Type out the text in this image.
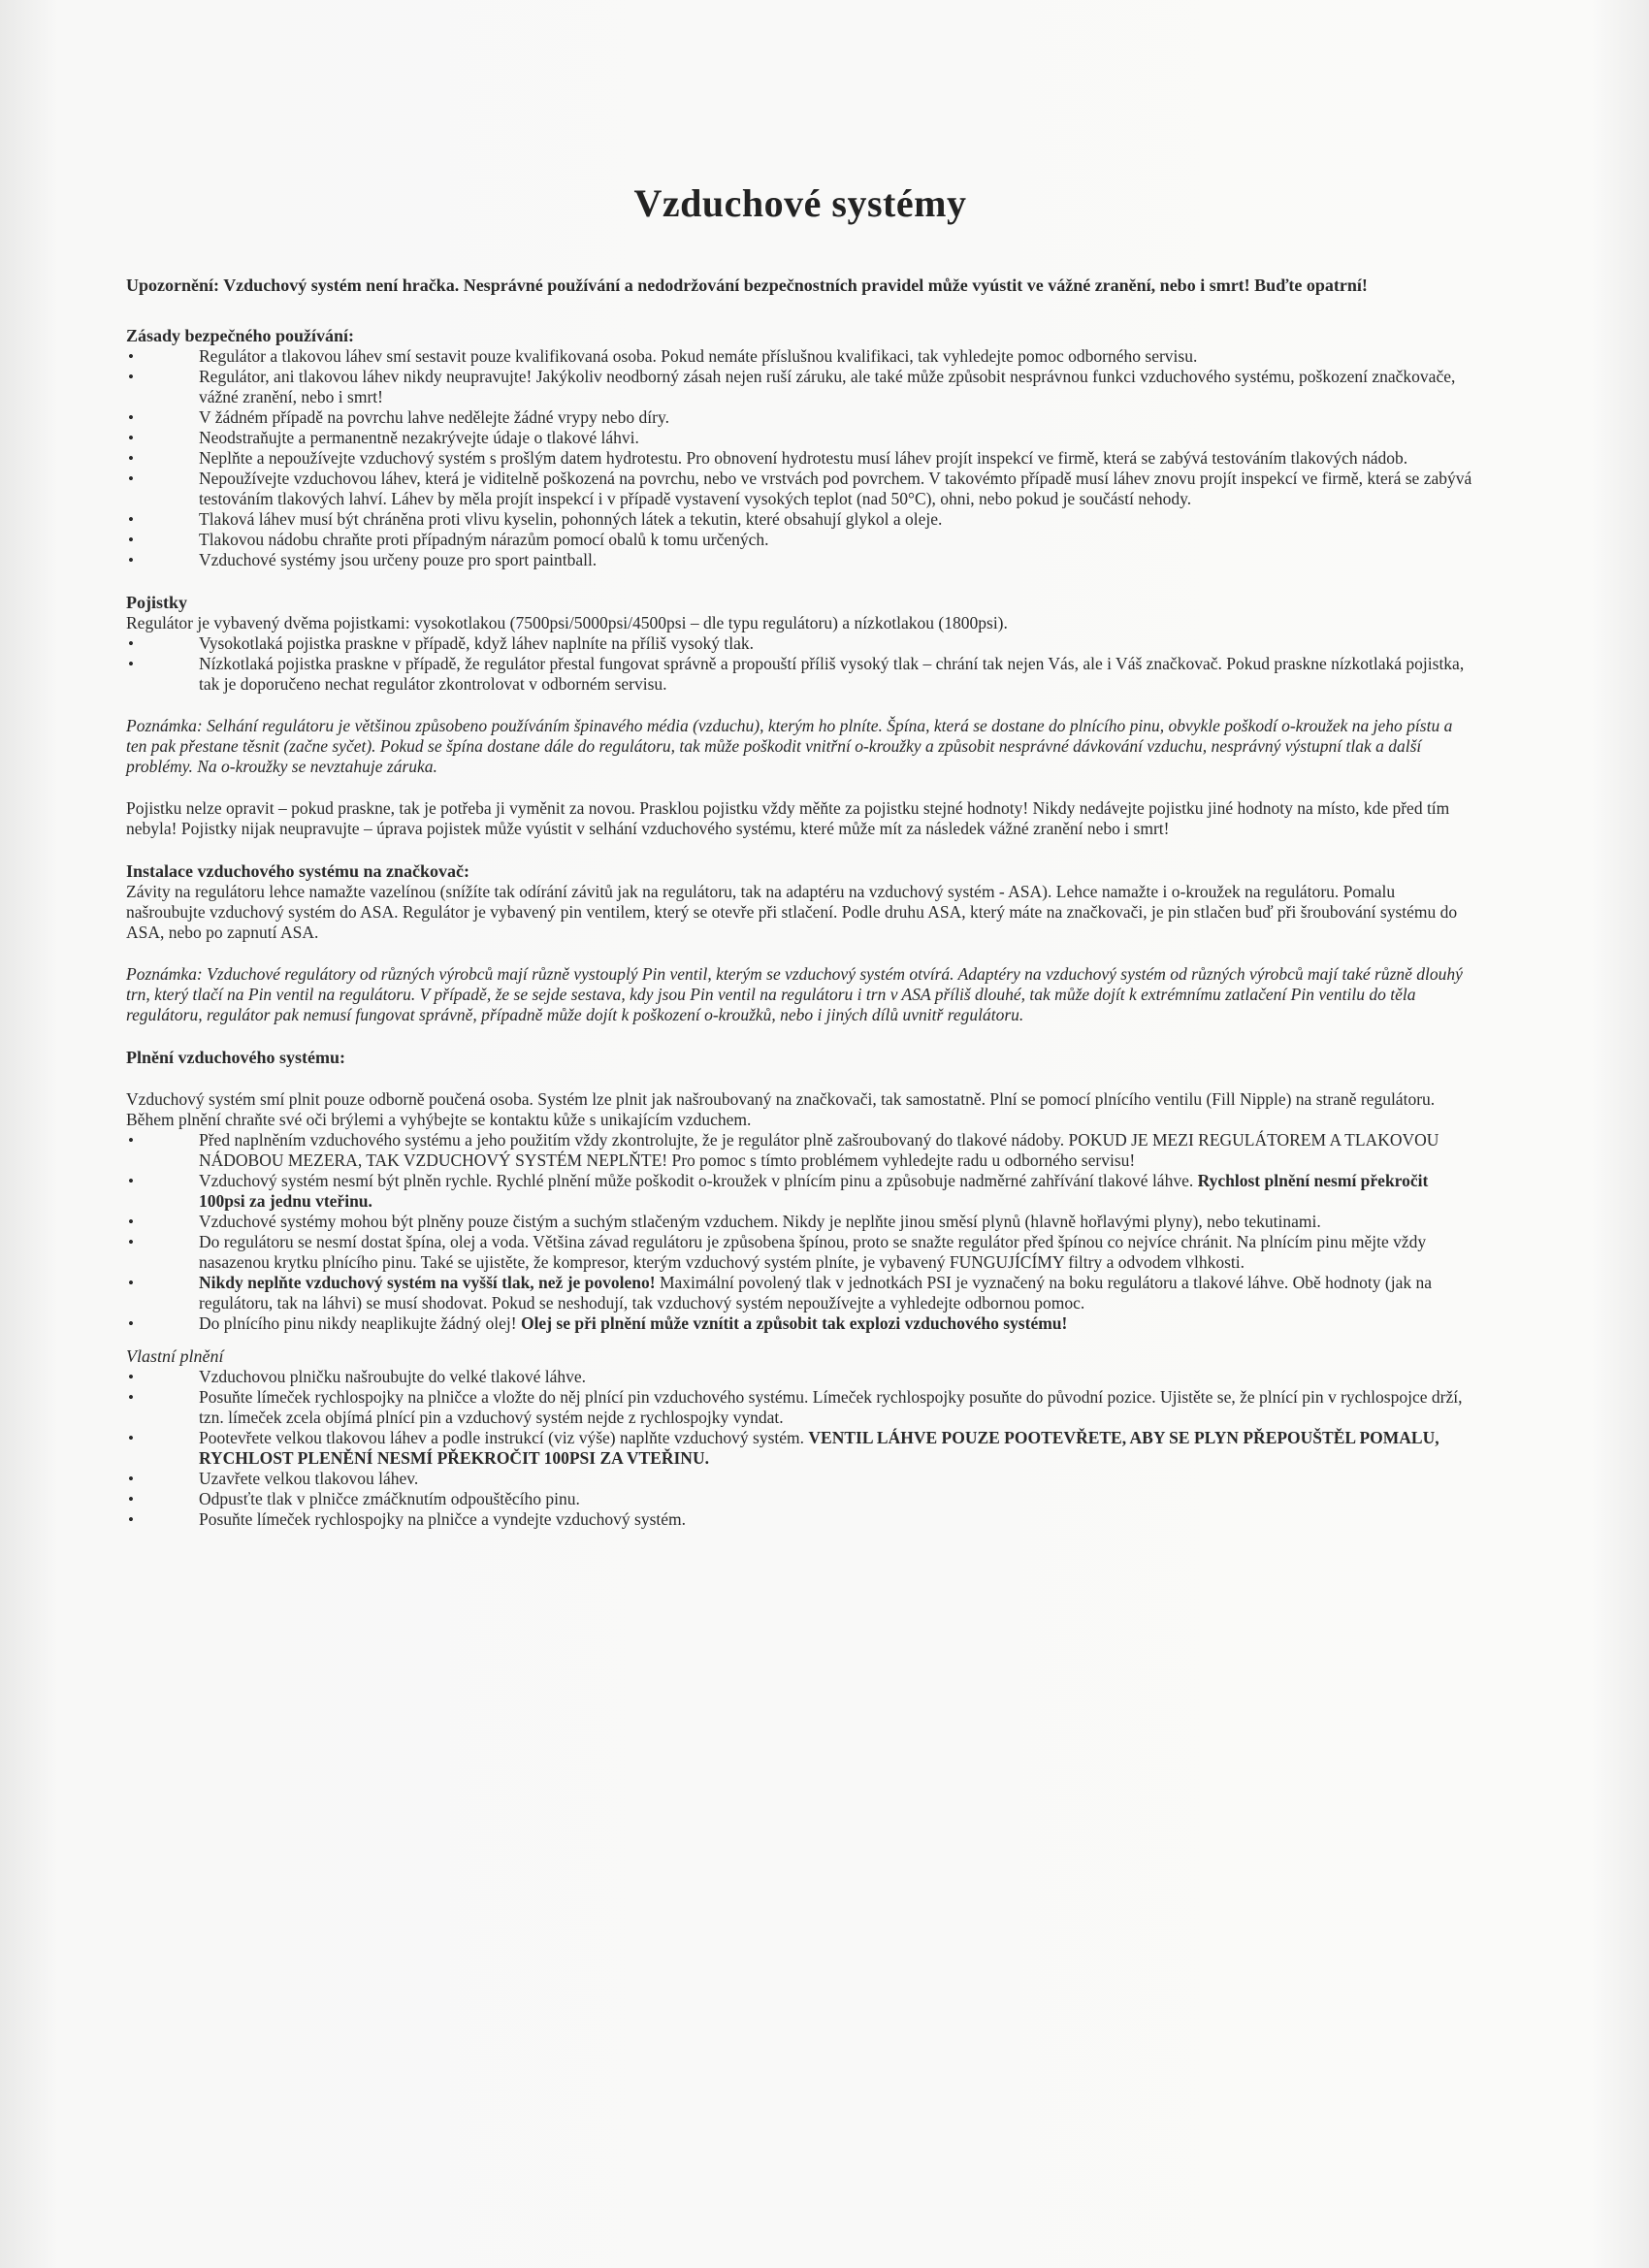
Vzduchové systémy
Upozornění: Vzduchový systém není hračka. Nesprávné používání a nedodržování bezpečnostních pravidel může vyústit ve vážné zranění, nebo i smrt! Buďte opatrní!
Zásady bezpečného používání:
•	Regulátor a tlakovou láhev smí sestavit pouze kvalifikovaná osoba. Pokud nemáte příslušnou kvalifikaci, tak vyhledejte pomoc odborného servisu.
•	Regulátor, ani tlakovou láhev nikdy neupravujte! Jakýkoliv neodborný zásah nejen ruší záruku, ale také může způsobit nesprávnou funkci vzduchového systému, poškození značkovače, vážné zranění, nebo i smrt!
•	V žádném případě na povrchu lahve nedělejte žádné vrypy nebo díry.
•	Neodstraňujte a permanentně nezakrývejte údaje o tlakové láhvi.
•	Neplňte a nepoužívejte vzduchový systém s prošlým datem hydrotestu. Pro obnovení hydrotestu musí láhev projít inspekcí ve firmě, která se zabývá testováním tlakových nádob.
•	Nepoužívejte vzduchovou láhev, která je viditelně poškozená na povrchu, nebo ve vrstvách pod povrchem. V takovémto případě musí láhev znovu projít inspekcí ve firmě, která se zabývá testováním tlakových lahví. Láhev by měla projít inspekcí i v případě vystavení vysokých teplot (nad 50°C), ohni, nebo pokud je součástí nehody.
•	Tlaková láhev musí být chráněna proti vlivu kyselin, pohonných látek a tekutin, které obsahují glykol a oleje.
•	Tlakovou nádobu chraňte proti případným nárazům pomocí obalů k tomu určených.
•	Vzduchové systémy jsou určeny pouze pro sport paintball.
Pojistky

Regulátor je vybavený dvěma pojistkami: vysokotlakou (7500psi/5000psi/4500psi – dle typu regulátoru) a nízkotlakou (1800psi).

•	Vysokotlaká pojistka praskne v případě, když láhev naplníte na příliš vysoký tlak.
•	Nízkotlaká pojistka praskne v případě, že regulátor přestal fungovat správně a propouští příliš vysoký tlak – chrání tak nejen Vás, ale i Váš značkovač. Pokud praskne nízkotlaká pojistka, tak je doporučeno nechat regulátor zkontrolovat v odborném servisu.

Poznámka: Selhání regulátoru je většinou způsobeno používáním špinavého média (vzduchu), kterým ho plníte. Špína, která se dostane do plnícího pinu, obvykle poškodí o-kroužek na jeho pístu a ten pak přestane těsnit (začne syčet). Pokud se špína dostane dále do regulátoru, tak může poškodit vnitřní o-kroužky a způsobit nesprávné dávkování vzduchu, nesprávný výstupní tlak a další problémy. Na o-kroužky se nevztahuje záruka.

Pojistku nelze opravit – pokud praskne, tak je potřeba ji vyměnit za novou. Prasklou pojistku vždy měňte za pojistku stejné hodnoty! Nikdy nedávejte pojistku jiné hodnoty na místo, kde před tím nebyla! Pojistky nijak neupravujte – úprava pojistek může vyústit v selhání vzduchového systému, které může mít za následek vážné zranění nebo i smrt!

Instalace vzduchového systému na značkovač:

Závity na regulátoru lehce namažte vazelínou (snížíte tak odírání závitů jak na regulátoru, tak na adaptéru na vzduchový systém - ASA). Lehce namažte i o-kroužek na regulátoru. Pomalu našroubujte vzduchový systém do ASA. Regulátor je vybavený pin ventilem, který se otevře při stlačení. Podle druhu ASA, který máte na značkovači, je pin stlačen buď při šroubování systému do ASA, nebo po zapnutí ASA.

Poznámka: Vzduchové regulátory od různých výrobců mají různě vystouplý Pin ventil, kterým se vzduchový systém otvírá. Adaptéry na vzduchový systém od různých výrobců mají také různě dlouhý trn, který tlačí na Pin ventil na regulátoru. V případě, že se sejde sestava, kdy jsou Pin ventil na regulátoru i trn v ASA příliš dlouhé, tak může dojít k extrémnímu zatlačení Pin ventilu do těla regulátoru, regulátor pak nemusí fungovat správně, případně může dojít k poškození o-kroužků, nebo i jiných dílů uvnitř regulátoru.

Plnění vzduchového systému:

Vzduchový systém smí plnit pouze odborně poučená osoba. Systém lze plnit jak našroubovaný na značkovači, tak samostatně. Plní se pomocí plnícího ventilu (Fill Nipple) na straně regulátoru. Během plnění chraňte své oči brýlemi a vyhýbejte se kontaktu kůže s unikajícím vzduchem.

•	Před naplněním vzduchového systému a jeho použitím vždy zkontrolujte, že je regulátor plně zašroubovaný do tlakové nádoby. POKUD JE MEZI REGULÁTOREM A TLAKOVOU NÁDOBOU MEZERA, TAK VZDUCHOVÝ SYSTÉM NEPLŇTE! Pro pomoc s tímto problémem vyhledejte radu u odborného servisu!
•	Vzduchový systém nesmí být plněn rychle. Rychlé plnění může poškodit o-kroužek v plnícím pinu a způsobuje nadměrné zahřívání tlakové láhve. Rychlost plnění nesmí překročit 100psi za jednu vteřinu.
•	Vzduchové systémy mohou být plněny pouze čistým a suchým stlačeným vzduchem. Nikdy je neplňte jinou směsí plynů (hlavně hořlavými plyny), nebo tekutinami.
•	Do regulátoru se nesmí dostat špína, olej a voda. Většina závad regulátoru je způsobena špínou, proto se snažte regulátor před špínou co nejvíce chránit. Na plnícím pinu mějte vždy nasazenou krytku plnícího pinu. Také se ujistěte, že kompresor, kterým vzduchový systém plníte, je vybavený FUNGUJÍCÍMY filtry a odvodem vlhkosti.
•	Nikdy neplňte vzduchový systém na vyšší tlak, než je povoleno! Maximální povolený tlak v jednotkách PSI je vyznačený na boku regulátoru a tlakové láhve. Obě hodnoty (jak na regulátoru, tak na láhvi) se musí shodovat. Pokud se neshodují, tak vzduchový systém nepoužívejte a vyhledejte odbornou pomoc.
•	Do plnícího pinu nikdy neaplikujte žádný olej! Olej se při plnění může vznítit a způsobit tak explozi vzduchového systému!
Vlastní plnění
•	Vzduchovou plničku našroubujte do velké tlakové láhve.
•	Posuňte límeček rychlospojky na plničce a vložte do něj plnící pin vzduchového systému. Límeček rychlospojky posuňte do původní pozice. Ujistěte se, že plnící pin v rychlospojce drží, tzn. límeček zcela objímá plnící pin a vzduchový systém nejde z rychlospojky vyndat.
•	Pootevřete velkou tlakovou láhev a podle instrukcí (viz výše) naplňte vzduchový systém. VENTIL LÁHVE POUZE POOTEVŘETE, ABY SE PLYN PŘEPOUŠTĚL POMALU, RYCHLOST PLENĚNÍ NESMÍ PŘEKROČIT 100PSI ZA VTEŘINU.
•	Uzavřete velkou tlakovou láhev.
•	Odpusťte tlak v plničce zmáčknutím odpouštěcího pinu.
•	Posuňte límeček rychlospojky na plničce a vyndejte vzduchový systém.
